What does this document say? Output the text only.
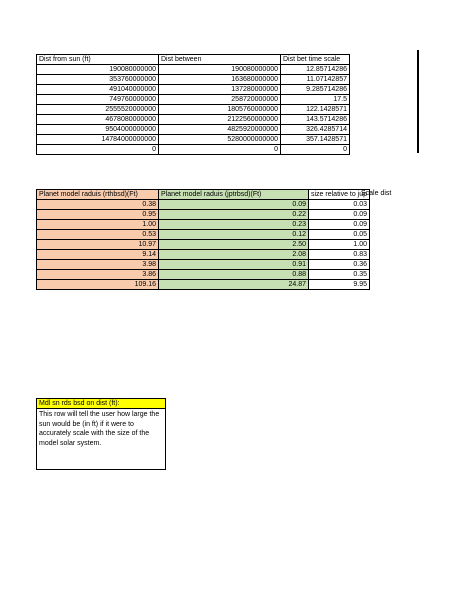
Dist from sun (ft)	Dist between	Dist bet time scale
190080000000	190080000000	12.85714286
353760000000	163680000000	11.07142857
491040000000	137280000000	9.285714286
749760000000	258720000000	17.5
2555520000000	1805760000000	122.1428571
4678080000000	2122560000000	143.5714286
9504000000000	4825920000000	326.4285714
14784000000000	5280000000000	357.1428571
0	0	0
Planet model raduis (rthbsd)(Ft)	Planet model raduis (jptrbsd)(Ft)	size relative to jup
0.38	0.09	0.03
0.95	0.22	0.09
1.00	0.23	0.09
0.53	0.12	0.05
10.97	2.50	1.00
9.14	2.08	0.83
3.98	0.91	0.36
3.86	0.88	0.35
109.16	24.87	9.95
Scale dist
Mdl sn rds bsd on dist (ft):
This row will tell the user how large the sun would be (in ft) if it were to accurately scale with the size of the model solar system.
